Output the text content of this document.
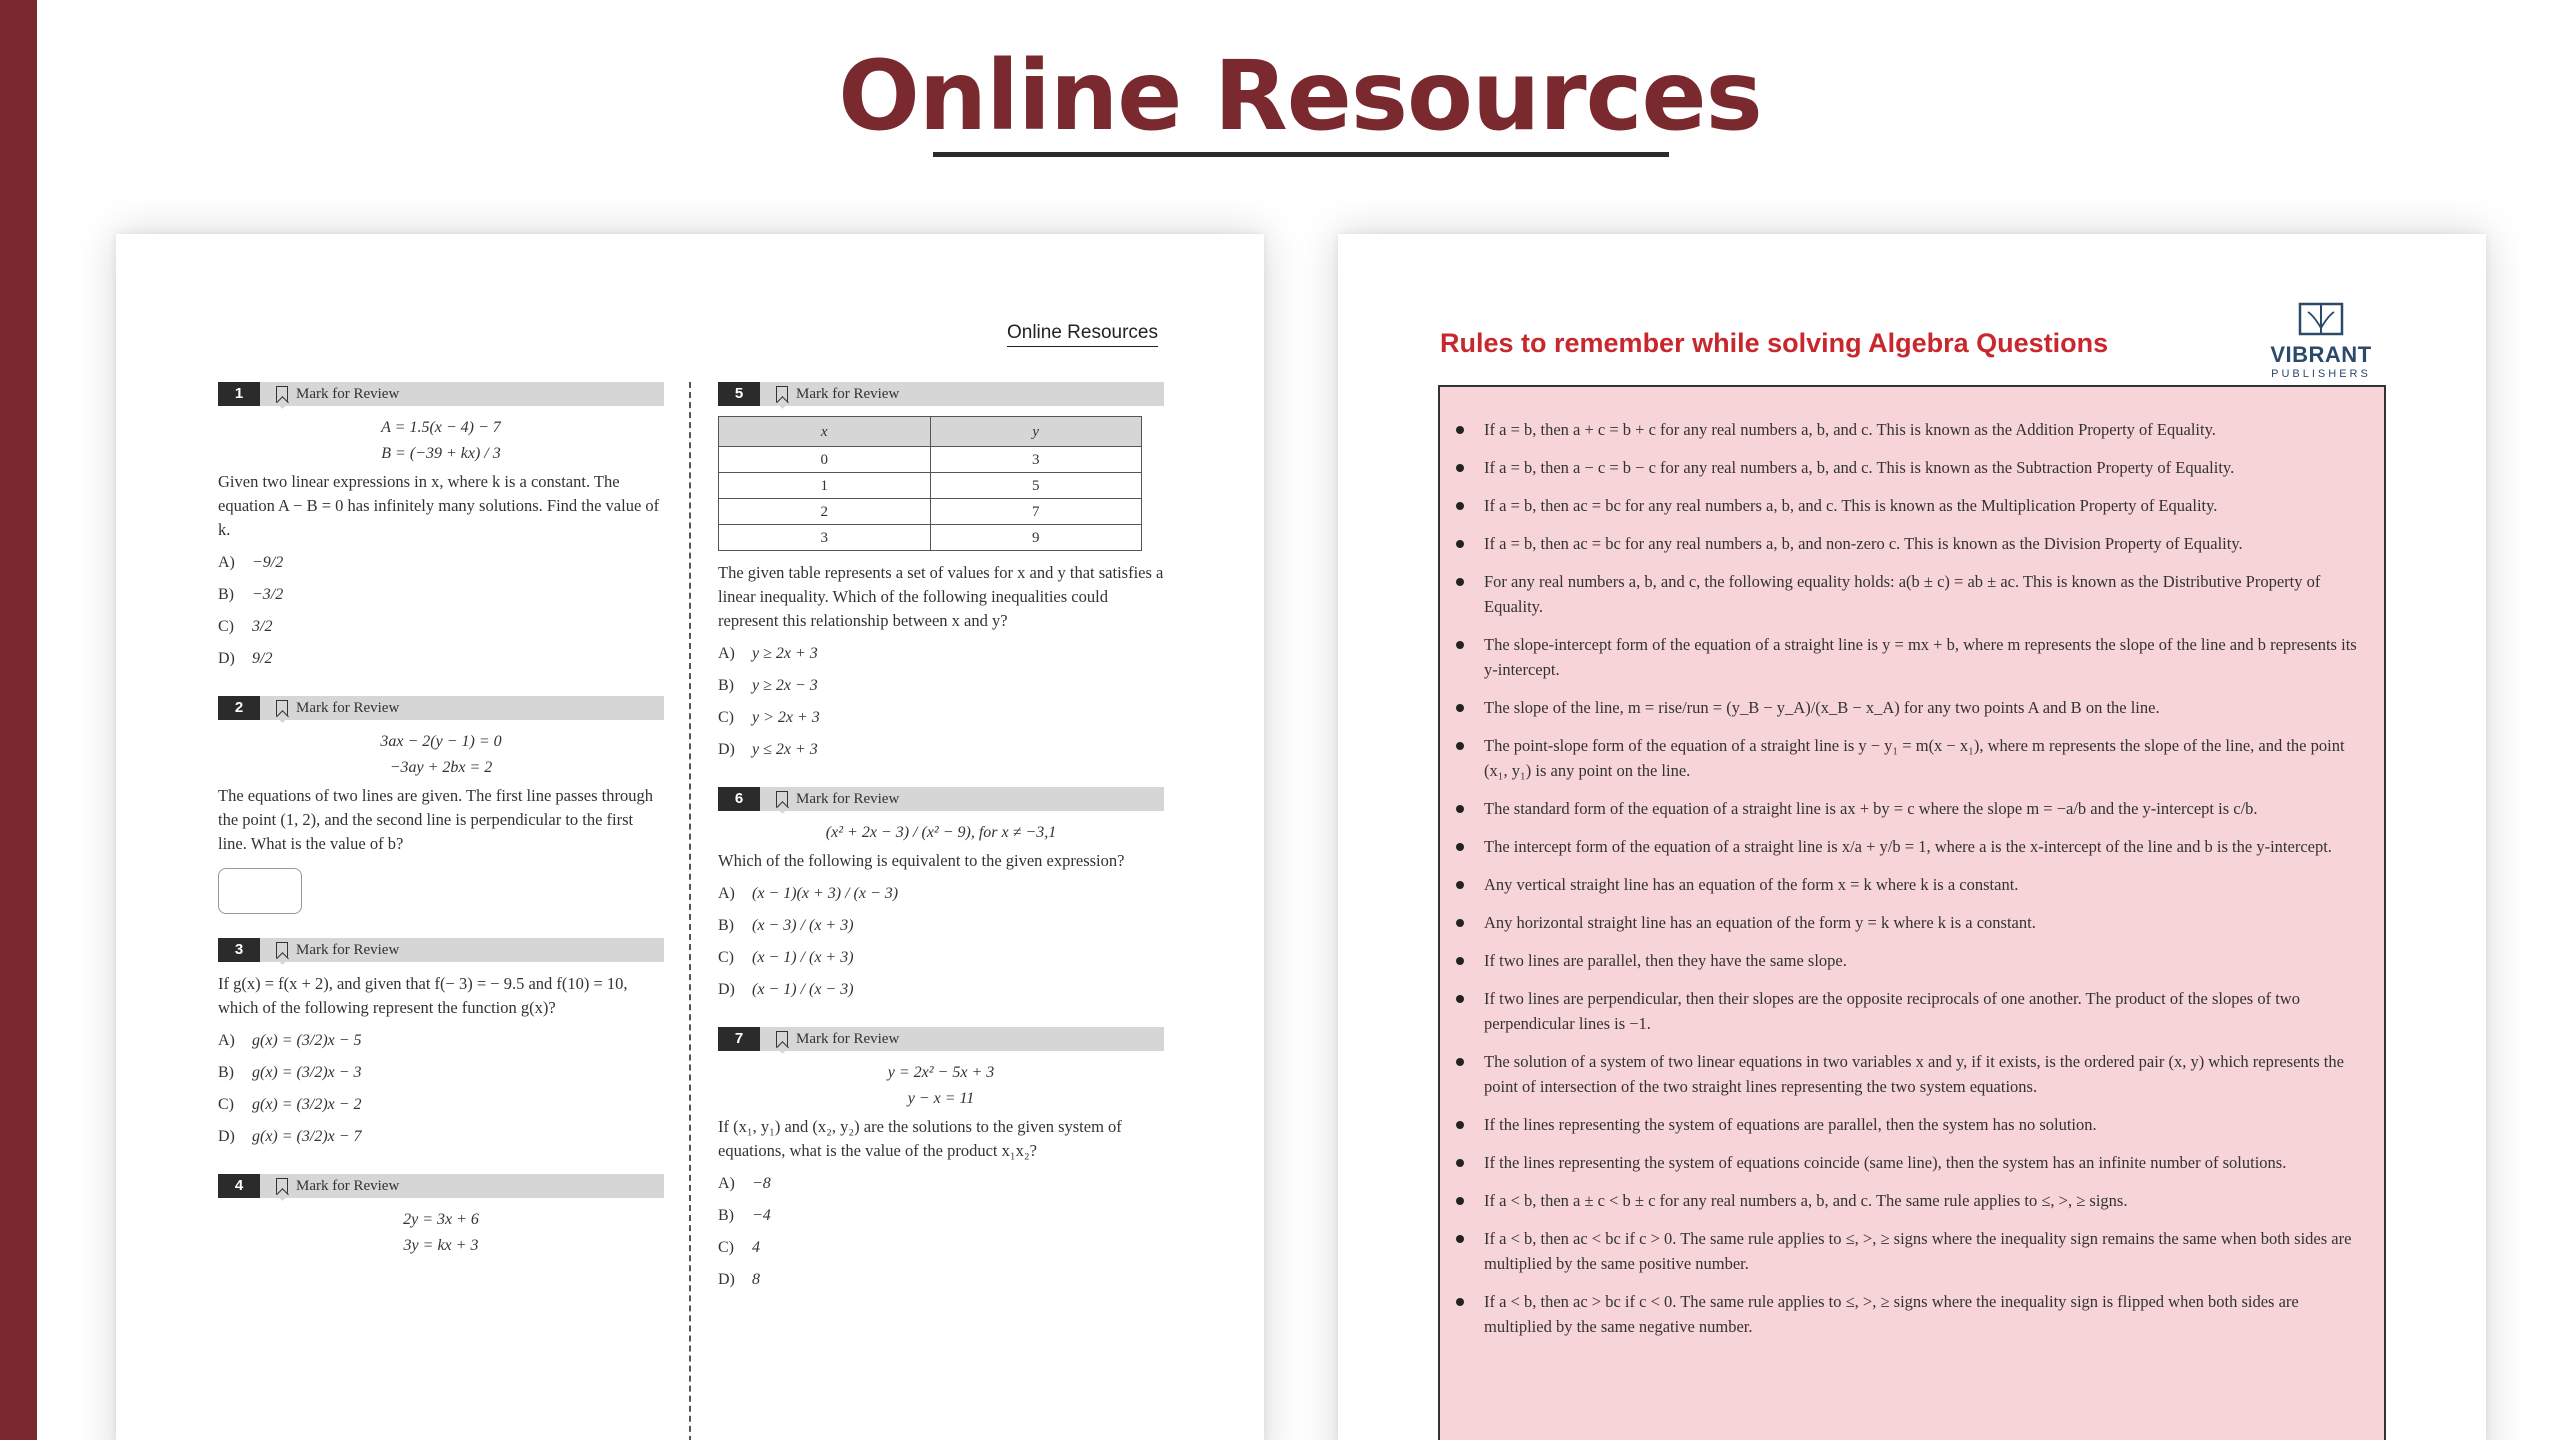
Online Resources
Online Resources
1	Mark for Review
A = 1.5(x − 4) − 7
B = (−39 + kx) / 3
Given two linear expressions in x, where k is a constant. The equation A − B = 0 has infinitely many solutions. Find the value of k.
A)	−9/2
B)	−3/2
C)	3/2
D)	9/2
2	Mark for Review
3ax − 2(y − 1) = 0
−3ay + 2bx = 2
The equations of two lines are given. The first line passes through the point (1, 2), and the second line is perpendicular to the first line. What is the value of b?
3	Mark for Review
If g(x) = f(x + 2), and given that f(− 3) = − 9.5 and f(10) = 10, which of the following represent the function g(x)?
A)	g(x) = (3/2)x − 5
B)	g(x) = (3/2)x − 3
C)	g(x) = (3/2)x − 2
D)	g(x) = (3/2)x − 7
4	Mark for Review
2y = 3x + 6
3y = kx + 3
5	Mark for Review
x	y
0	3
1	5
2	7
3	9
The given table represents a set of values for x and y that satisfies a linear inequality. Which of the following inequalities could represent this relationship between x and y?
A)	y ≥ 2x + 3
B)	y ≥ 2x − 3
C)	y > 2x + 3
D)	y ≤ 2x + 3
6	Mark for Review
(x² + 2x − 3) / (x² − 9), for x ≠ −3,1
Which of the following is equivalent to the given expression?
A)	(x − 1)(x + 3) / (x − 3)
B)	(x − 3) / (x + 3)
C)	(x − 1) / (x + 3)
D)	(x − 1) / (x − 3)
7	Mark for Review
y = 2x² − 5x + 3
y − x = 11
If (x₁, y₁) and (x₂, y₂) are the solutions to the given system of equations, what is the value of the product x₁x₂?
A)	−8
B)	−4
C)	4
D)	8
Rules to remember while solving Algebra Questions	VIBRANT
PUBLISHERS
If a = b, then a + c = b + c for any real numbers a, b, and c. This is known as the Addition Property of Equality.
If a = b, then a − c = b − c for any real numbers a, b, and c. This is known as the Subtraction Property of Equality.
If a = b, then ac = bc for any real numbers a, b, and c. This is known as the Multiplication Property of Equality.
If a = b, then ac = bc for any real numbers a, b, and non-zero c. This is known as the Division Property of Equality.
For any real numbers a, b, and c, the following equality holds: a(b ± c) = ab ± ac. This is known as the Distributive Property of Equality.
The slope-intercept form of the equation of a straight line is y = mx + b, where m represents the slope of the line and b represents its y-intercept.
The slope of the line, m = rise/run = (y_B − y_A)/(x_B − x_A) for any two points A and B on the line.
The point-slope form of the equation of a straight line is y − y₁ = m(x − x₁), where m represents the slope of the line, and the point (x₁, y₁) is any point on the line.
The standard form of the equation of a straight line is ax + by = c where the slope m = −a/b and the y-intercept is c/b.
The intercept form of the equation of a straight line is x/a + y/b = 1, where a is the x-intercept of the line and b is the y-intercept.
Any vertical straight line has an equation of the form x = k where k is a constant.
Any horizontal straight line has an equation of the form y = k where k is a constant.
If two lines are parallel, then they have the same slope.
If two lines are perpendicular, then their slopes are the opposite reciprocals of one another. The product of the slopes of two perpendicular lines is −1.
The solution of a system of two linear equations in two variables x and y, if it exists, is the ordered pair (x, y) which represents the point of intersection of the two straight lines representing the two system equations.
If the lines representing the system of equations are parallel, then the system has no solution.
If the lines representing the system of equations coincide (same line), then the system has an infinite number of solutions.
If a < b, then a ± c < b ± c for any real numbers a, b, and c. The same rule applies to ≤, >, ≥ signs.
If a < b, then ac < bc if c > 0. The same rule applies to ≤, >, ≥ signs where the inequality sign remains the same when both sides are multiplied by the same positive number.
If a < b, then ac > bc if c < 0. The same rule applies to ≤, >, ≥ signs where the inequality sign is flipped when both sides are multiplied by the same negative number.
